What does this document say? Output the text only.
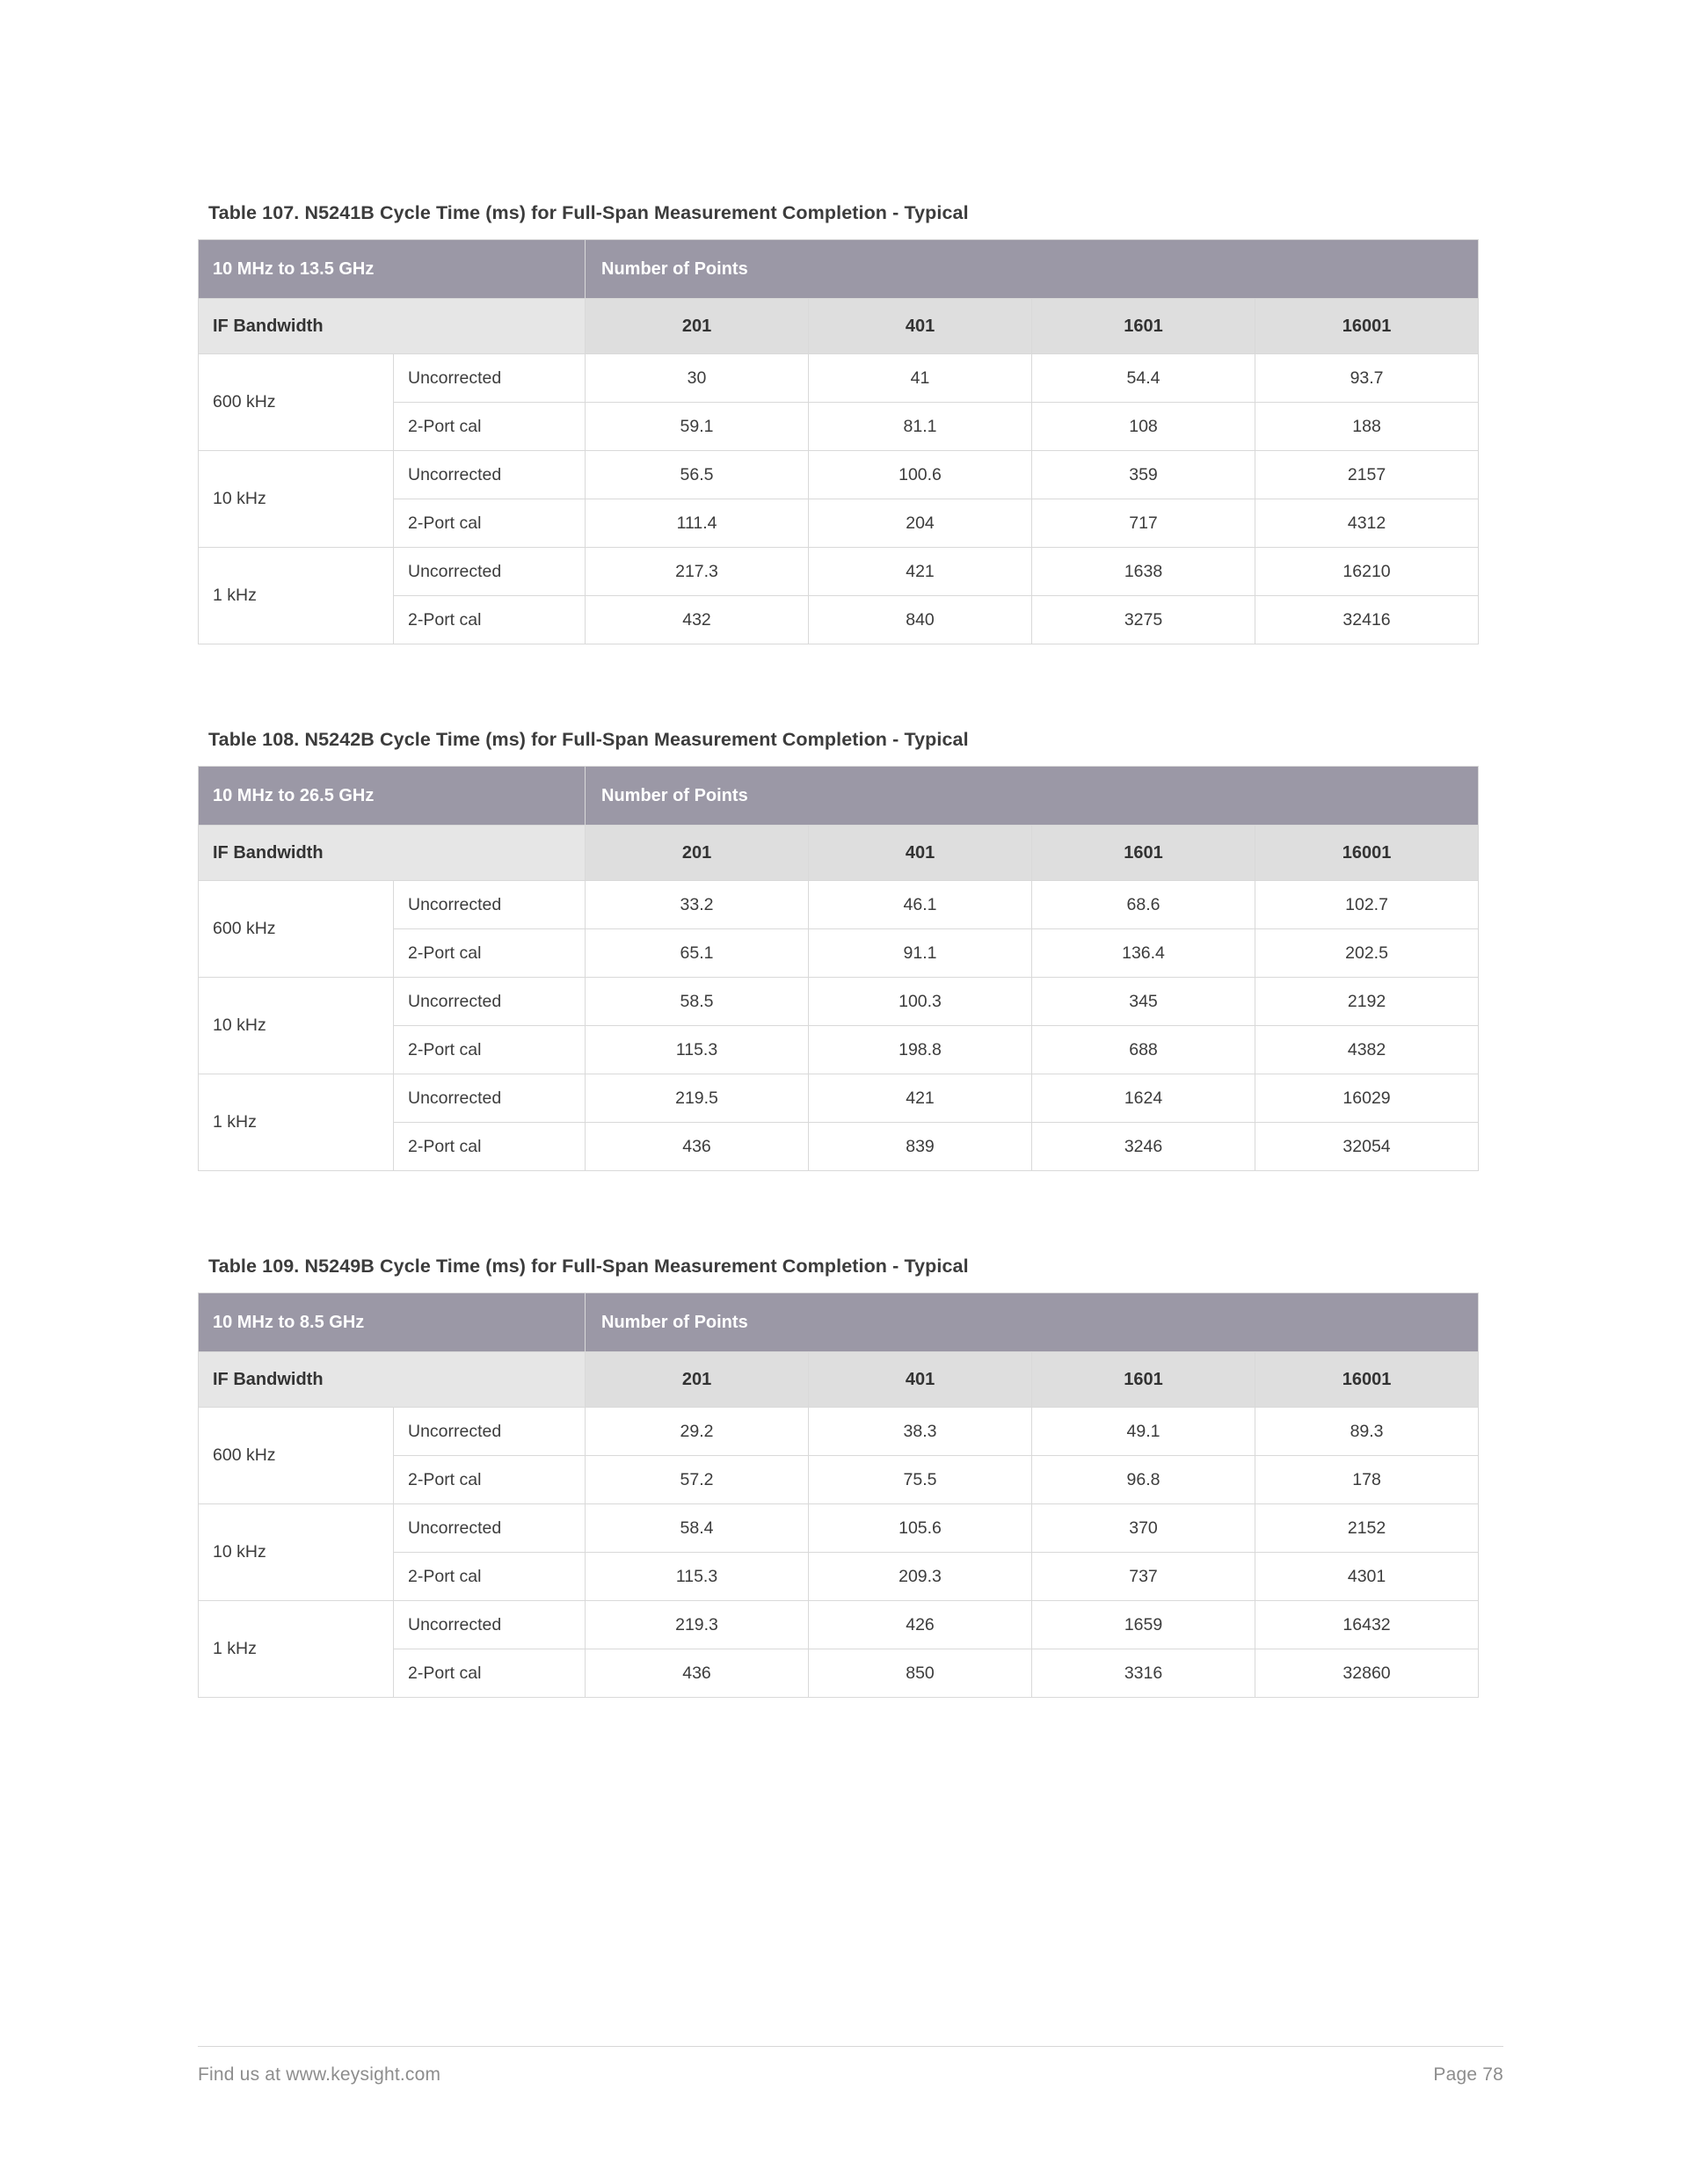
Table 107. N5241B Cycle Time (ms) for Full-Span Measurement Completion - Typical
10 MHz to 13.5 GHz		Number of Points			
IF Bandwidth		201	401	1601	16001
600 kHz	Uncorrected	30	41	54.4	93.7
	2-Port cal	59.1	81.1	108	188
10 kHz	Uncorrected	56.5	100.6	359	2157
	2-Port cal	111.4	204	717	4312
1 kHz	Uncorrected	217.3	421	1638	16210
	2-Port cal	432	840	3275	32416
Table 108. N5242B Cycle Time (ms) for Full-Span Measurement Completion - Typical
10 MHz to 26.5 GHz		Number of Points			
IF Bandwidth		201	401	1601	16001
600 kHz	Uncorrected	33.2	46.1	68.6	102.7
	2-Port cal	65.1	91.1	136.4	202.5
10 kHz	Uncorrected	58.5	100.3	345	2192
	2-Port cal	115.3	198.8	688	4382
1 kHz	Uncorrected	219.5	421	1624	16029
	2-Port cal	436	839	3246	32054
Table 109. N5249B Cycle Time (ms) for Full-Span Measurement Completion - Typical
10 MHz to 8.5 GHz		Number of Points			
IF Bandwidth		201	401	1601	16001
600 kHz	Uncorrected	29.2	38.3	49.1	89.3
	2-Port cal	57.2	75.5	96.8	178
10 kHz	Uncorrected	58.4	105.6	370	2152
	2-Port cal	115.3	209.3	737	4301
1 kHz	Uncorrected	219.3	426	1659	16432
	2-Port cal	436	850	3316	32860
Find us at www.keysight.com	Page 78
